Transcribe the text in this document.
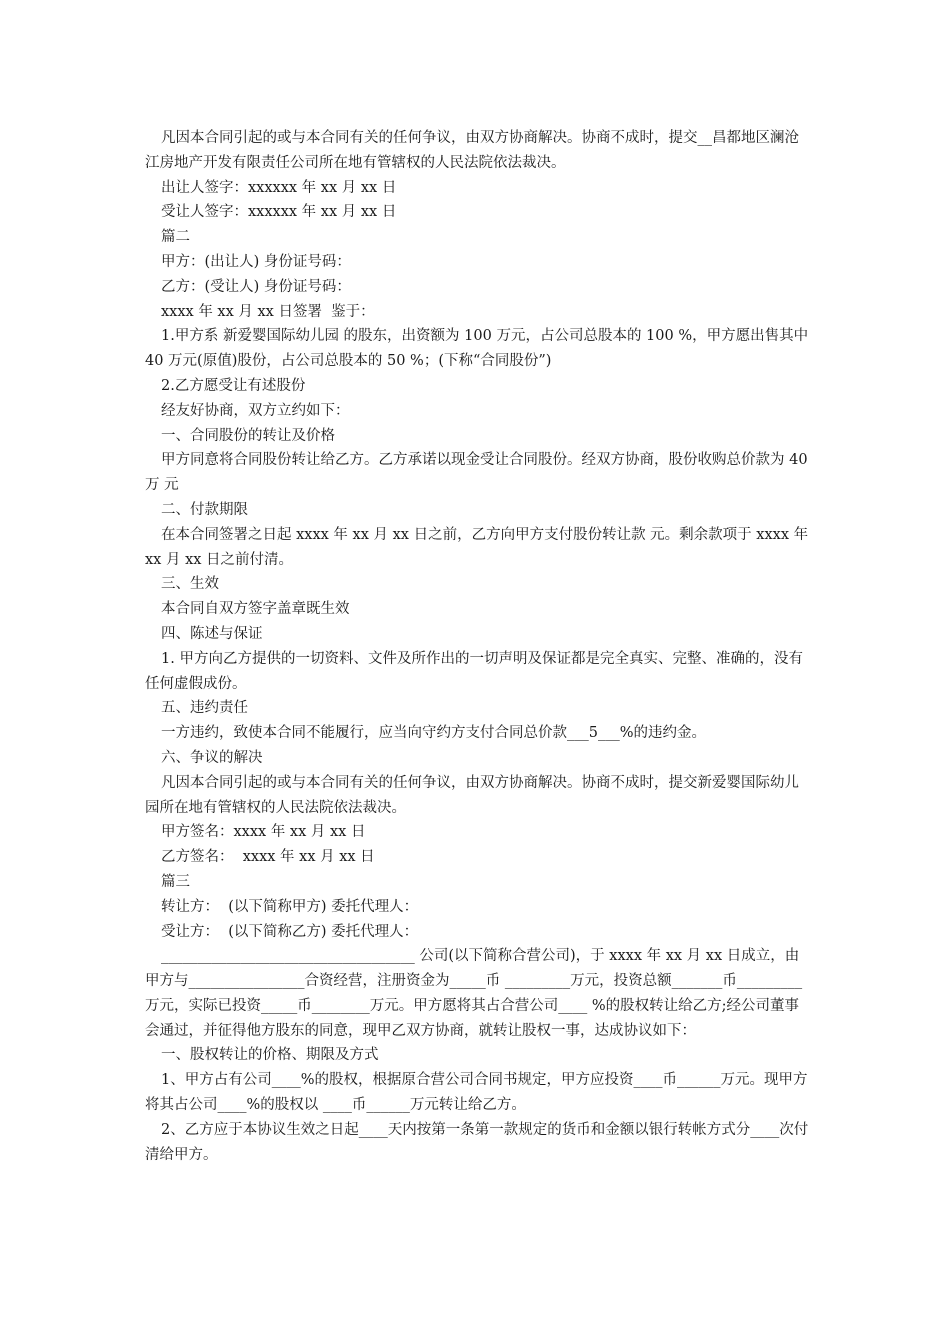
凡因本合同引起的或与本合同有关的任何争议，由双方协商解决。协商不成时，提交__昌都地区澜沧江房地产开发有限责任公司所在地有管辖权的人民法院依法裁决。

出让人签字：xxxxxx 年 xx 月 xx 日

受让人签字：xxxxxx 年 xx 月 xx 日

篇二

甲方：(出让人) 身份证号码：

乙方：(受让人) 身份证号码：

xxxx 年 xx 月 xx 日签署  鉴于：

1.甲方系 新爱婴国际幼儿园 的股东，出资额为 100 万元，占公司总股本的 100 %，甲方愿出售其中 40 万元(原值)股份，占公司总股本的 50 %；(下称“合同股份”)

2.乙方愿受让有述股份

经友好协商，双方立约如下：

一、合同股份的转让及价格

甲方同意将合同股份转让给乙方。乙方承诺以现金受让合同股份。经双方协商，股份收购总价款为 40 万 元

二、付款期限

在本合同签署之日起 xxxx 年 xx 月 xx 日之前，乙方向甲方支付股份转让款 元。剩余款项于 xxxx 年 xx 月 xx 日之前付清。

三、生效

本合同自双方签字盖章既生效

四、陈述与保证

1. 甲方向乙方提供的一切资料、文件及所作出的一切声明及保证都是完全真实、完整、准确的，没有任何虚假成份。

五、违约责任

一方违约，致使本合同不能履行，应当向守约方支付合同总价款___5___%的违约金。

六、争议的解决

凡因本合同引起的或与本合同有关的任何争议，由双方协商解决。协商不成时，提交新爱婴国际幼儿园所在地有管辖权的人民法院依法裁决。

甲方签名：xxxx 年 xx 月 xx 日

乙方签名：  xxxx 年 xx 月 xx 日

篇三

转让方：  (以下简称甲方) 委托代理人：

受让方：  (以下简称乙方) 委托代理人：

___________________________________ 公司(以下简称合营公司)，于 xxxx 年 xx 月 xx 日成立，由甲方与________________合资经营，注册资金为_____币 _________万元，投资总额_______币_________万元，实际已投资_____币________万元。甲方愿将其占合营公司____ %的股权转让给乙方;经公司董事会通过，并征得他方股东的同意，现甲乙双方协商，就转让股权一事，达成协议如下：

一、股权转让的价格、期限及方式

1、甲方占有公司____%的股权，根据原合营公司合同书规定，甲方应投资____币______万元。现甲方将其占公司____%的股权以 ____币______万元转让给乙方。

2、乙方应于本协议生效之日起____天内按第一条第一款规定的货币和金额以银行转帐方式分____次付清给甲方。
